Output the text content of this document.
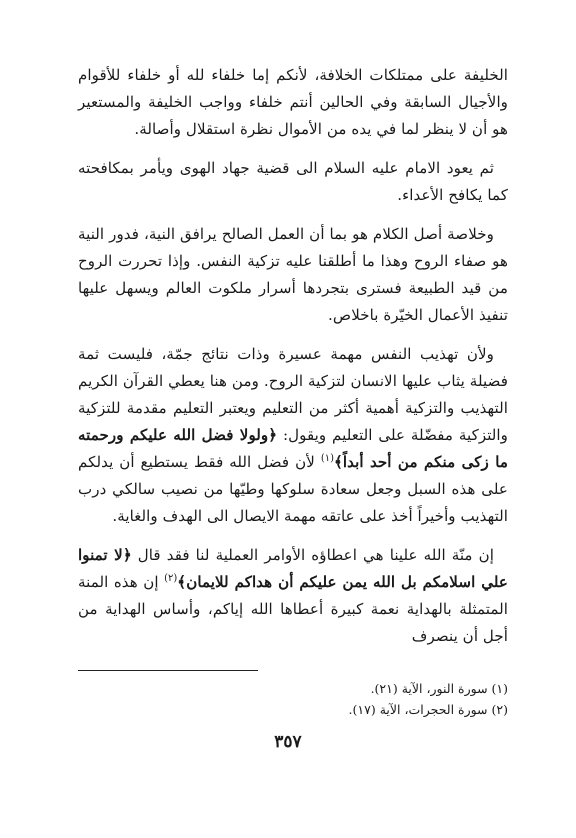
الخليفة على ممتلكات الخلافة، لأنكم إما خلفاء لله أو خلفاء للأقوام والأجيال السابقة وفي الحالين أنتم خلفاء وواجب الخليفة والمستعير هو أن لا ينظر لما في يده من الأموال نظرة استقلال وأصالة.

ثم يعود الامام عليه السلام الى قضية جهاد الهوى ويأمر بمكافحته كما يكافح الأعداء.

وخلاصة أصل الكلام هو بما أن العمل الصالح يرافق النية، فدور النية هو صفاء الروح وهذا ما أطلقنا عليه تزكية النفس. وإذا تحررت الروح من قيد الطبيعة فسترى بتجردها أسرار ملكوت العالم ويسهل عليها تنفيذ الأعمال الخيّرة باخلاص.

ولأن تهذيب النفس مهمة عسيرة وذات نتائج جمّة، فليست ثمة فضيلة يثاب عليها الانسان لتزكية الروح. ومن هنا يعطي القرآن الكريم التهذيب والتزكية أهمية أكثر من التعليم ويعتبر التعليم مقدمة للتزكية والتزكية مفضّلة على التعليم ويقول: ﴿ولولا فضل الله عليكم ورحمته ما زكى منكم من أحد أبداً﴾$^{(١)}$ لأن فضل الله فقط يستطيع أن يدلكم على هذه السبل وجعل سعادة سلوكها وطيّها من نصيب سالكي درب التهذيب وأخيراً أخذ على عاتقه مهمة الايصال الى الهدف والغاية.

إن منّة الله علينا هي اعطاؤه الأوامر العملية لنا فقد قال ﴿لا تمنوا علي اسلامكم بل الله يمن عليكم أن هداكم للايمان﴾$^{(٢)}$ إن هذه المنة المتمثلة بالهداية نعمة كبيرة أعطاها الله إياكم، وأساس الهداية من أجل أن ينصرف

(١) سورة النور، الآية (٢١).

(٢) سورة الحجرات، الآية (١٧).

٣٥٧
